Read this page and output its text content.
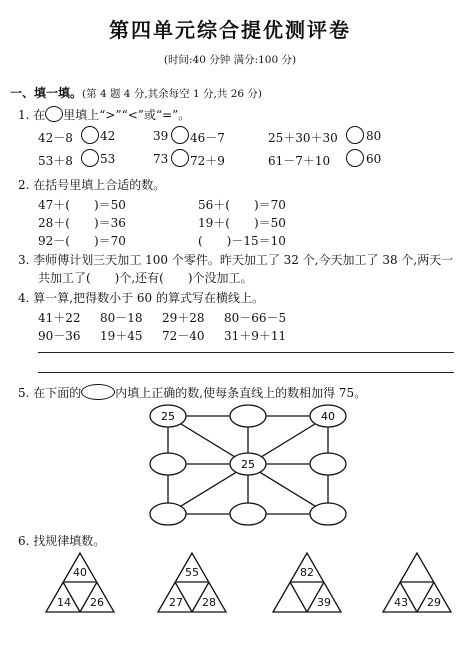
第四单元综合提优测评卷
(时间:40 分钟 满分:100 分)
一、填一填。(第 4 题 4 分,其余每空 1 分,共 26 分)
1. 在 里填上“>”“<”或“=”。
42－8 42	39 46－7	25＋30＋30 80
53＋8 53	73 72＋9	61－7＋10	60
2. 在括号里填上合适的数。
47＋(　　)＝50	56＋(　　)＝70
28＋(　　)＝36	19＋(　　)＝50
92－(　　)＝70	(　　)－15＝10
3. 李师傅计划三天加工 100 个零件。昨天加工了 32 个,今天加工了 38 个,两天一
共加工了(　　)个,还有(　　)个没加工。
4. 算一算,把得数小于 60 的算式写在横线上。
41＋22 80－18 29＋28 80－66－5
90－36 19＋45 72－40 31＋9＋11
5. 在下面的	内填上正确的数,使每条直线上的数相加得 75。
25	40
25
40
14 26
55
27 28
82
39	43 29
6. 找规律填数。
